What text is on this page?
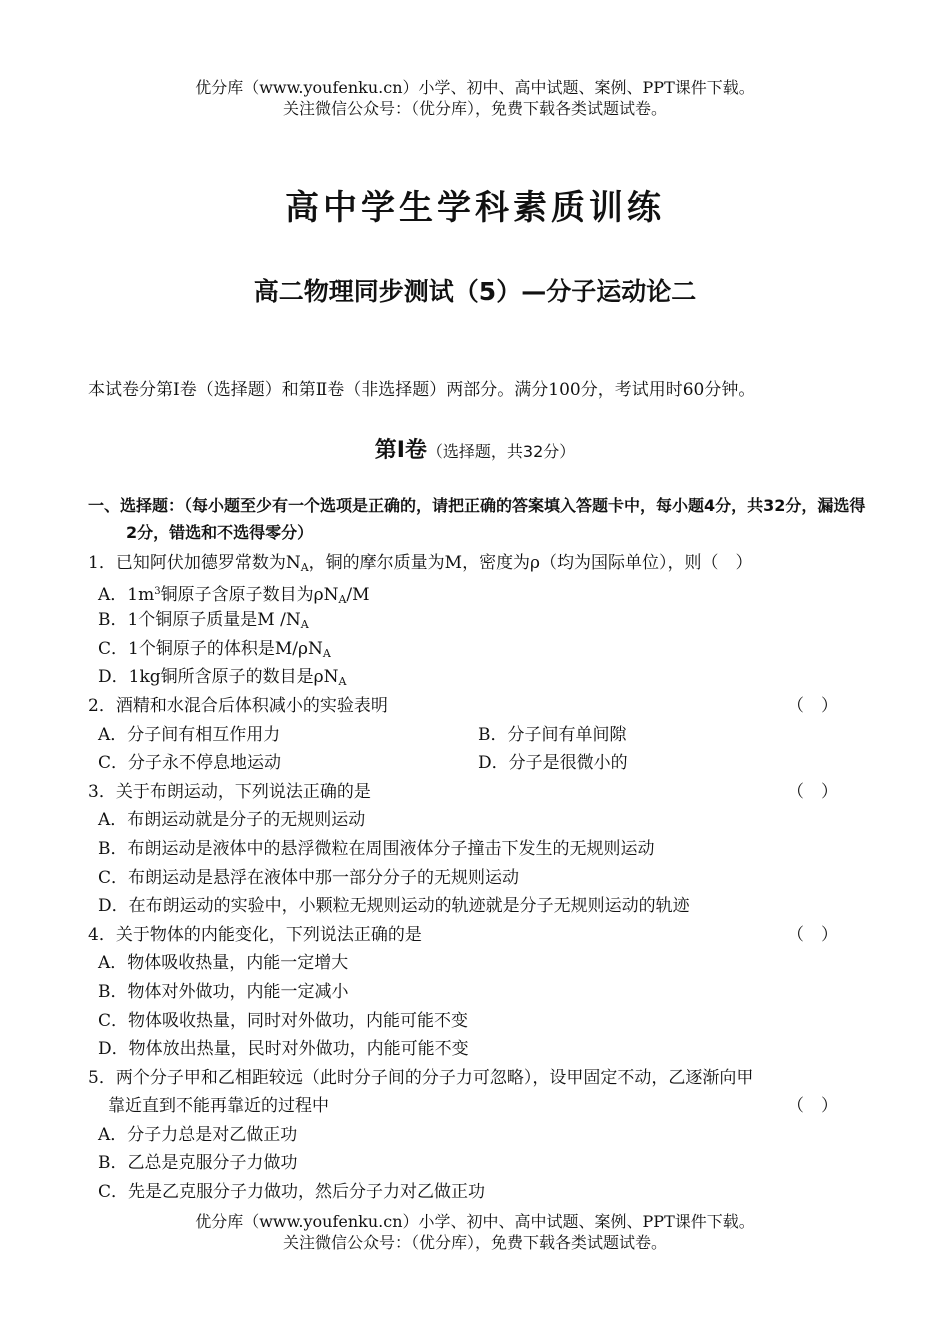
优分库（www.youfenku.cn）小学、初中、高中试题、案例、PPT课件下载。
关注微信公众号：（优分库），免费下载各类试题试卷。
高中学生学科素质训练
高二物理同步测试（5）—分子运动论二
本试卷分第Ⅰ卷（选择题）和第Ⅱ卷（非选择题）两部分。满分100分，考试用时60分钟。
第Ⅰ卷（选择题，共32分）
一、选择题：（每小题至少有一个选项是正确的，请把正确的答案填入答题卡中，每小题4分，共32分，漏选得2分，错选和不选得零分）
1．已知阿伏加德罗常数为$N_A$，铜的摩尔质量为M，密度为ρ（均为国际单位），则（　）
A．$1m^3$铜原子含原子数目为$\rho N_A/M$
B．1个铜原子质量是M $/N_A$
C．1个铜原子的体积是$M/\rho N_A$
D．1kg铜所含原子的数目是$\rho N_A$
2．酒精和水混合后体积减小的实验表明	（　）
A．分子间有相互作用力	B．分子间有单间隙
C．分子永不停息地运动	D．分子是很微小的
3．关于布朗运动，下列说法正确的是	（　）
A．布朗运动就是分子的无规则运动
B．布朗运动是液体中的悬浮微粒在周围液体分子撞击下发生的无规则运动
C．布朗运动是悬浮在液体中那一部分分子的无规则运动
D．在布朗运动的实验中，小颗粒无规则运动的轨迹就是分子无规则运动的轨迹
4．关于物体的内能变化，下列说法正确的是	（　）
A．物体吸收热量，内能一定增大
B．物体对外做功，内能一定减小
C．物体吸收热量，同时对外做功，内能可能不变
D．物体放出热量，民时对外做功，内能可能不变
5．两个分子甲和乙相距较远（此时分子间的分子力可忽略），设甲固定不动，乙逐渐向甲
靠近直到不能再靠近的过程中	（　）
A．分子力总是对乙做正功
B．乙总是克服分子力做功
C．先是乙克服分子力做功，然后分子力对乙做正功
优分库（www.youfenku.cn）小学、初中、高中试题、案例、PPT课件下载。
关注微信公众号：（优分库），免费下载各类试题试卷。
